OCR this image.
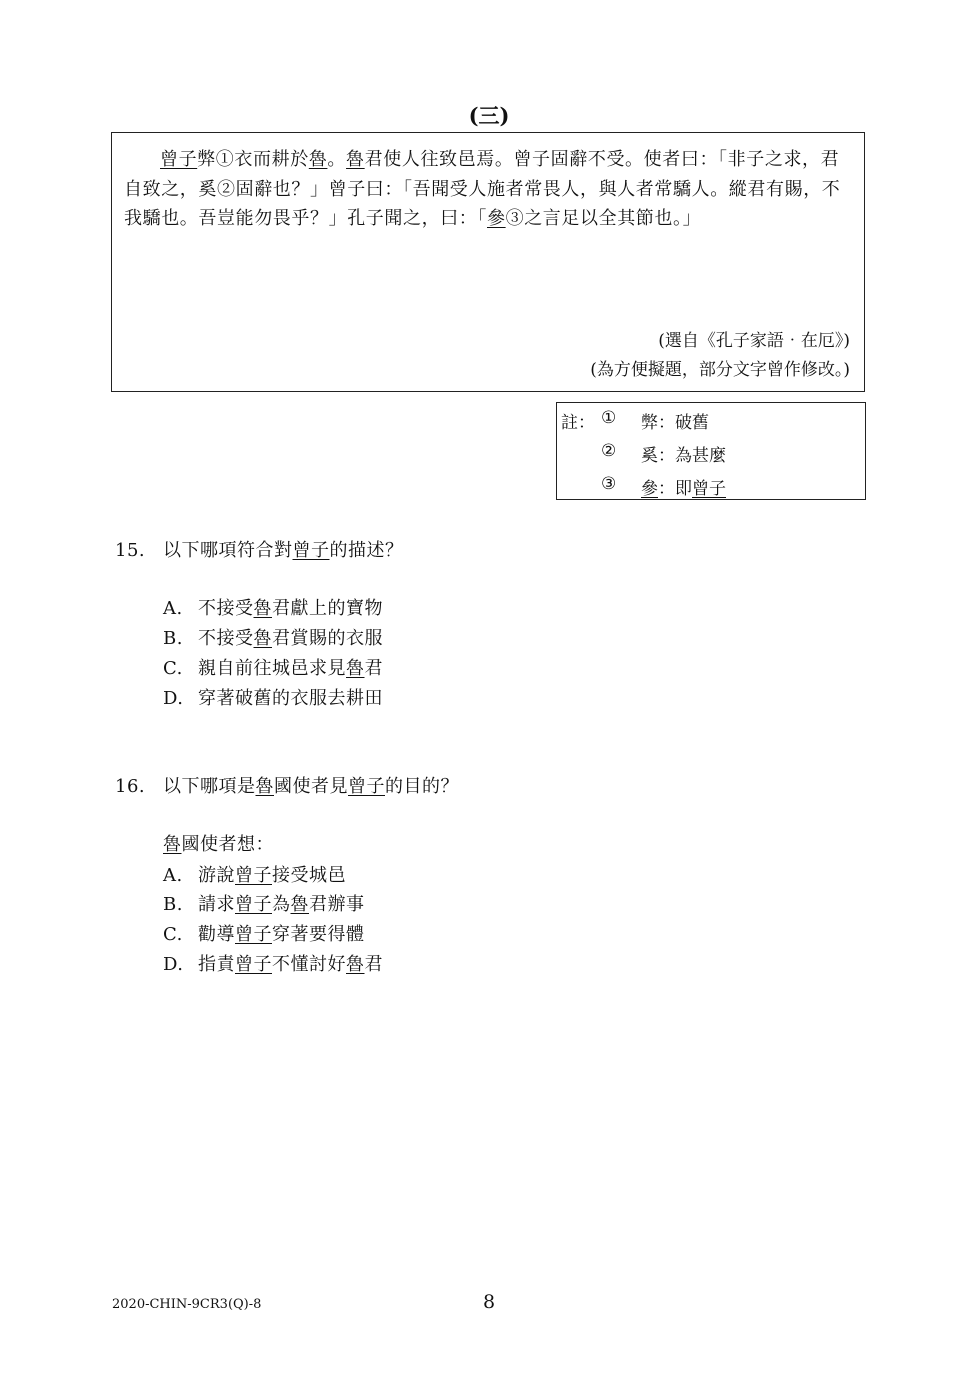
(三)

曾子弊①衣而耕於魯。魯君使人往致邑焉。曾子固辭不受。使者曰：「非子之求，君自致之，奚②固辭也？」曾子曰：「吾聞受人施者常畏人，與人者常驕人。縱君有賜，不我驕也。吾豈能勿畏乎？」孔子聞之，曰：「參③之言足以全其節也。」

(選自《孔子家語‧在厄》)
(為方便擬題，部分文字曾作修改。)
註： ① 弊：破舊
② 奚：為甚麼
③ 參：即曾子
15. 以下哪項符合對曾子的描述？
A. 不接受魯君獻上的寶物
B. 不接受魯君賞賜的衣服
C. 親自前往城邑求見魯君
D. 穿著破舊的衣服去耕田
16. 以下哪項是魯國使者見曾子的目的？
魯國使者想：
A. 游說曾子接受城邑
B. 請求曾子為魯君辦事
C. 勸導曾子穿著要得體
D. 指責曾子不懂討好魯君
2020-CHIN-9CR3(Q)-8	8
